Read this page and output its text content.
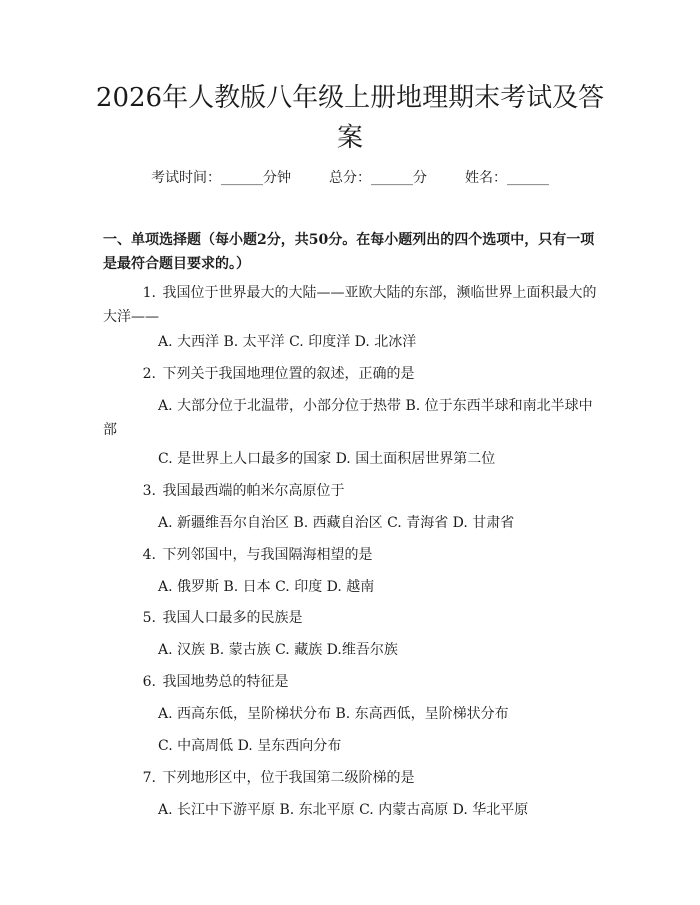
2026年人教版八年级上册地理期末考试及答案
考试时间：______分钟	总分：______分	姓名：______

一、单项选择题（每小题2分，共50分。在每小题列出的四个选项中，只有一项是最符合题目要求的。）

1. 我国位于世界最大的大陆——亚欧大陆的东部，濒临世界上面积最大的大洋——

A. 大西洋 B. 太平洋 C. 印度洋 D. 北冰洋

2. 下列关于我国地理位置的叙述，正确的是

A. 大部分位于北温带，小部分位于热带 B. 位于东西半球和南北半球中部

C. 是世界上人口最多的国家 D. 国土面积居世界第二位

3. 我国最西端的帕米尔高原位于

A. 新疆维吾尔自治区 B. 西藏自治区 C. 青海省 D. 甘肃省

4. 下列邻国中，与我国隔海相望的是

A. 俄罗斯 B. 日本 C. 印度 D. 越南

5. 我国人口最多的民族是

A. 汉族 B. 蒙古族 C. 藏族 D.维吾尔族

6. 我国地势总的特征是

A. 西高东低，呈阶梯状分布 B. 东高西低，呈阶梯状分布

C. 中高周低 D. 呈东西向分布

7. 下列地形区中，位于我国第二级阶梯的是

A. 长江中下游平原 B. 东北平原 C. 内蒙古高原 D. 华北平原
